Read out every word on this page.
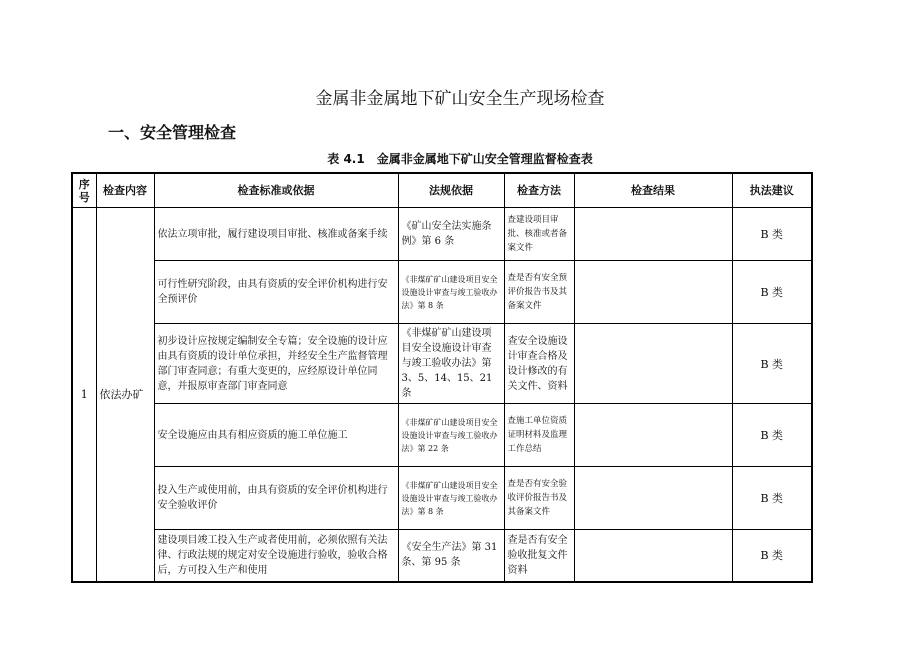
金属非金属地下矿山安全生产现场检查
一、安全管理检查
表 4.1　金属非金属地下矿山安全管理监督检查表
序号	检查内容	检查标准或依据	法规依据	检查方法	检查结果	执法建议
1	依法办矿	依法立项审批，履行建设项目审批、核准或备案手续	《矿山安全法实施条例》第 6 条	查建设项目审批、核准或者备案文件		B 类
		可行性研究阶段，由具有资质的安全评价机构进行安全预评价	《非煤矿矿山建设项目安全设施设计审查与竣工验收办法》第 8 条	查是否有安全预评价报告书及其备案文件		B 类
		初步设计应按规定编制安全专篇；安全设施的设计应由具有资质的设计单位承担，并经安全生产监督管理部门审查同意；有重大变更的，应经原设计单位同意，并报原审查部门审查同意	《非煤矿矿山建设项目安全设施设计审查与竣工验收办法》第 3、5、14、15、21 条	查安全设施设计审查合格及设计修改的有关文件、资料		B 类
		安全设施应由具有相应资质的施工单位施工	《非煤矿矿山建设项目安全设施设计审查与竣工验收办法》第 22 条	查施工单位资质证明材料及监理工作总结		B 类
		投入生产或使用前，由具有资质的安全评价机构进行安全验收评价	《非煤矿矿山建设项目安全设施设计审查与竣工验收办法》第 8 条	查是否有安全验收评价报告书及其备案文件		B 类
		建设项目竣工投入生产或者使用前，必须依照有关法律、行政法规的规定对安全设施进行验收，验收合格后，方可投入生产和使用	《安全生产法》第 31 条、第 95 条	查是否有安全验收批复文件资料		B 类
